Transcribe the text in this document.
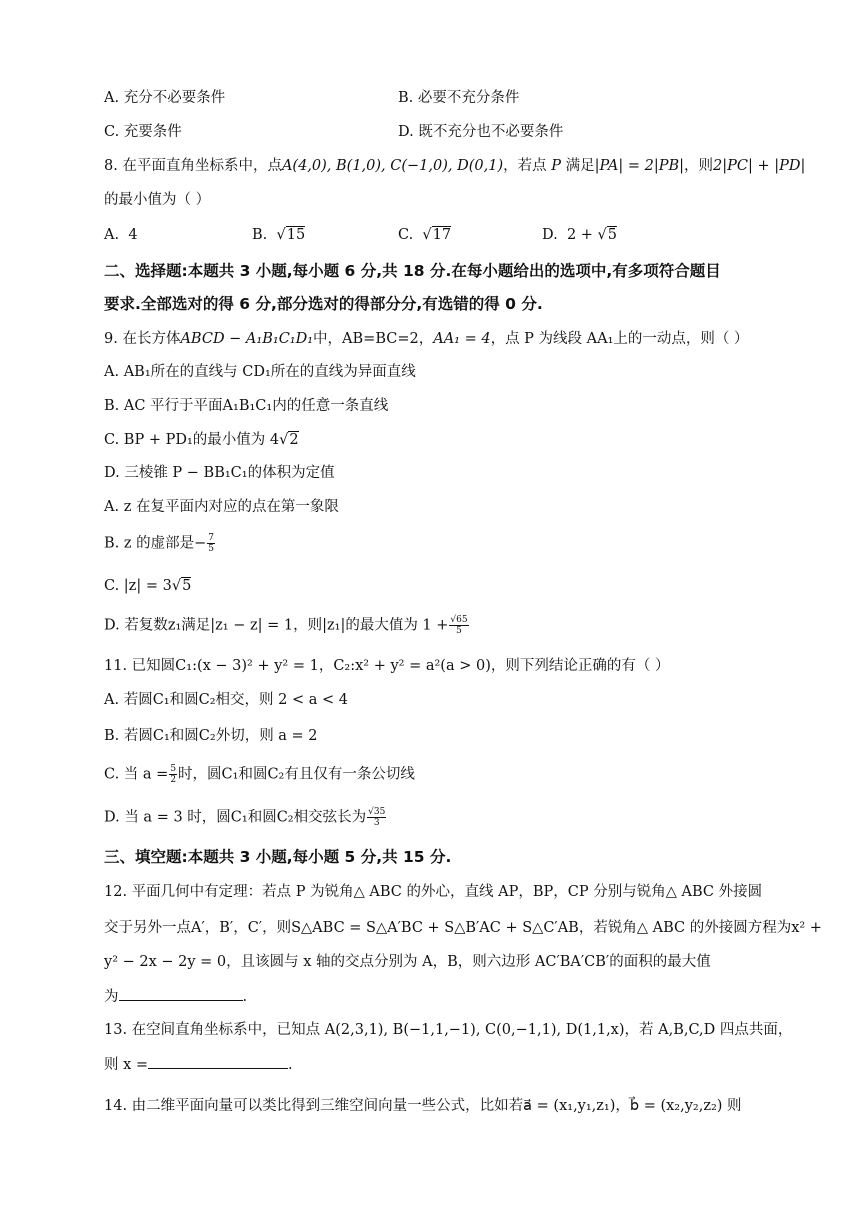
A. 充分不必要条件	B. 必要不充分条件
C. 充要条件	D. 既不充分也不必要条件
8. 在平面直角坐标系中，点A(4,0), B(1,0), C(−1,0), D(0,1)，若点 P 满足|PA| = 2|PB|，则2|PC| + |PD|
的最小值为（ ）
A. 4	B.  √15	C.  √17	D. 2 + √5
二、选择题:本题共 3 小题,每小题 6 分,共 18 分.在每小题给出的选项中,有多项符合题目
要求.全部选对的得 6 分,部分选对的得部分分,有选错的得 0 分.
9. 在长方体ABCD − A₁B₁C₁D₁中，AB=BC=2，AA₁ = 4，点 P 为线段 AA₁上的一动点，则（ ）
A. AB₁所在的直线与 CD₁所在的直线为异面直线
B. AC 平行于平面A₁B₁C₁内的任意一条直线
C. BP + PD₁的最小值为 4√2
D. 三棱锥 P − BB₁C₁的体积为定值
A. z 在复平面内对应的点在第一象限
B. z 的虚部是− $\frac{7}{5}$
C. |z| = 3√5
D. 若复数z₁满足|z₁ − z| = 1，则|z₁|的最大值为 $1 + \frac{√65}{5}$
11. 已知圆C₁:(x − 3)² + y² = 1，C₂:x² + y² = a²(a > 0)，则下列结论正确的有（ ）
A. 若圆C₁和圆C₂相交，则 2 < a < 4
B. 若圆C₁和圆C₂外切，则 a = 2
C. 当 $a = \frac{5}{2}$ 时，圆C₁和圆C₂有且仅有一条公切线
D. 当 a = 3 时，圆C₁和圆C₂相交弦长为 $\frac{√35}{3}$
三、填空题:本题共 3 小题,每小题 5 分,共 15 分.
12. 平面几何中有定理：若点 P 为锐角△ ABC 的外心，直线 AP，BP，CP 分别与锐角△ ABC 外接圆
交于另外一点A′，B′，C′，则S△ABC = S△A′BC + S△B′AC + S△C′AB，若锐角△ ABC 的外接圆方程为x² +
y² − 2x − 2y = 0，且该圆与 x 轴的交点分别为 A，B，则六边形 AC′BA′CB′的面积的最大值
为	.
13. 在空间直角坐标系中，已知点 A(2,3,1), B(−1,1,−1), C(0,−1,1), D(1,1,x)，若 A,B,C,D 四点共面，
则 x =	.
14. 由二维平面向量可以类比得到三维空间向量一些公式，比如若a⃗ = (x₁,y₁,z₁)，b⃗ = (x₂,y₂,z₂) 则
